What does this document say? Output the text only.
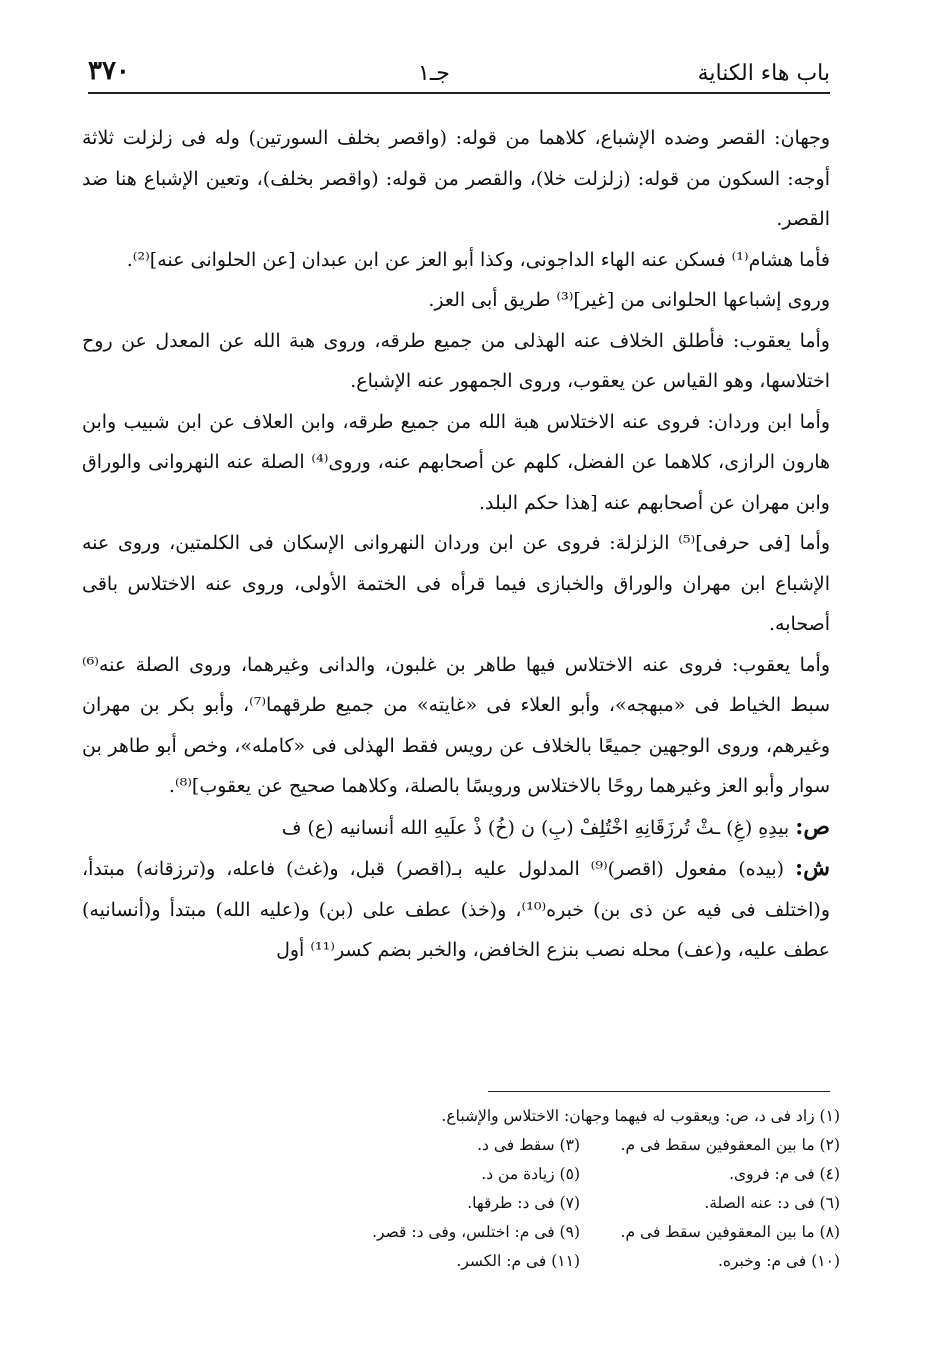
٣٧٠	جـ١	باب هاء الكناية

وجهان: القصر وضده الإشباع، كلاهما من قوله: (واقصر بخلف السورتين) وله فى زلزلت ثلاثة أوجه: السكون من قوله: (زلزلت خلا)، والقصر من قوله: (واقصر بخلف)، وتعين الإشباع هنا ضد القصر.

فأما هشام⁽¹⁾ فسكن عنه الهاء الداجونى، وكذا أبو العز عن ابن عبدان [عن الحلوانى عنه]⁽²⁾.

وروى إشباعها الحلوانى من [غير]⁽³⁾ طريق أبى العز.

وأما يعقوب: فأطلق الخلاف عنه الهذلى من جميع طرقه، وروى هبة الله عن المعدل عن روح اختلاسها، وهو القياس عن يعقوب، وروى الجمهور عنه الإشباع.

وأما ابن وردان: فروى عنه الاختلاس هبة الله من جميع طرقه، وابن العلاف عن ابن شبيب وابن هارون الرازى، كلاهما عن الفضل، كلهم عن أصحابهم عنه، وروى⁽⁴⁾ الصلة عنه النهروانى والوراق وابن مهران عن أصحابهم عنه [هذا حكم البلد.

وأما [فى حرفى]⁽⁵⁾ الزلزلة: فروى عن ابن وردان النهروانى الإسكان فى الكلمتين، وروى عنه الإشباع ابن مهران والوراق والخبازى فيما قرأه فى الختمة الأولى، وروى عنه الاختلاس باقى أصحابه.

وأما يعقوب: فروى عنه الاختلاس فيها طاهر بن غلبون، والدانى وغيرهما، وروى الصلة عنه⁽⁶⁾ سبط الخياط فى «مبهجه»، وأبو العلاء فى «غايته» من جميع طرقهما⁽⁷⁾، وأبو بكر بن مهران وغيرهم، وروى الوجهين جميعًا بالخلاف عن رويس فقط الهذلى فى «كامله»، وخص أبو طاهر بن سوار وأبو العز وغيرهما روحًا بالاختلاس ورويسًا بالصلة، وكلاهما صحيح عن يعقوب]⁽⁸⁾.

ص: بيدِهِ (غِ) ـثْ تُرزَقَانِهِ اخْتُلِفْ (بِ) ن (خُ) ذْ علَيهِ الله أنسانيه (ع) ف

ش: (بيده) مفعول (اقصر)⁽⁹⁾ المدلول عليه بـ(اقصر) قبل، و(غث) فاعله، و(ترزقانه) مبتدأ، و(اختلف فى فيه عن ذى بن) خبره⁽¹⁰⁾، و(خذ) عطف على (بن) و(عليه الله) مبتدأ و(أنسانيه) عطف عليه، و(عف) محله نصب بنزع الخافض، والخبر بضم كسر⁽¹¹⁾ أول

(١) زاد فى د، ص: ويعقوب له فيهما وجهان: الاختلاس والإشباع.
(٢) ما بين المعقوفين سقط فى م.
(٣) سقط فى د.
(٤) فى م: فروى.
(٥) زيادة من د.
(٦) فى د: عنه الصلة.
(٧) فى د: طرقها.
(٨) ما بين المعقوفين سقط فى م.
(٩) فى م: اختلس، وفى د: قصر.
(١٠) فى م: وخبره.
(١١) فى م: الكسر.
